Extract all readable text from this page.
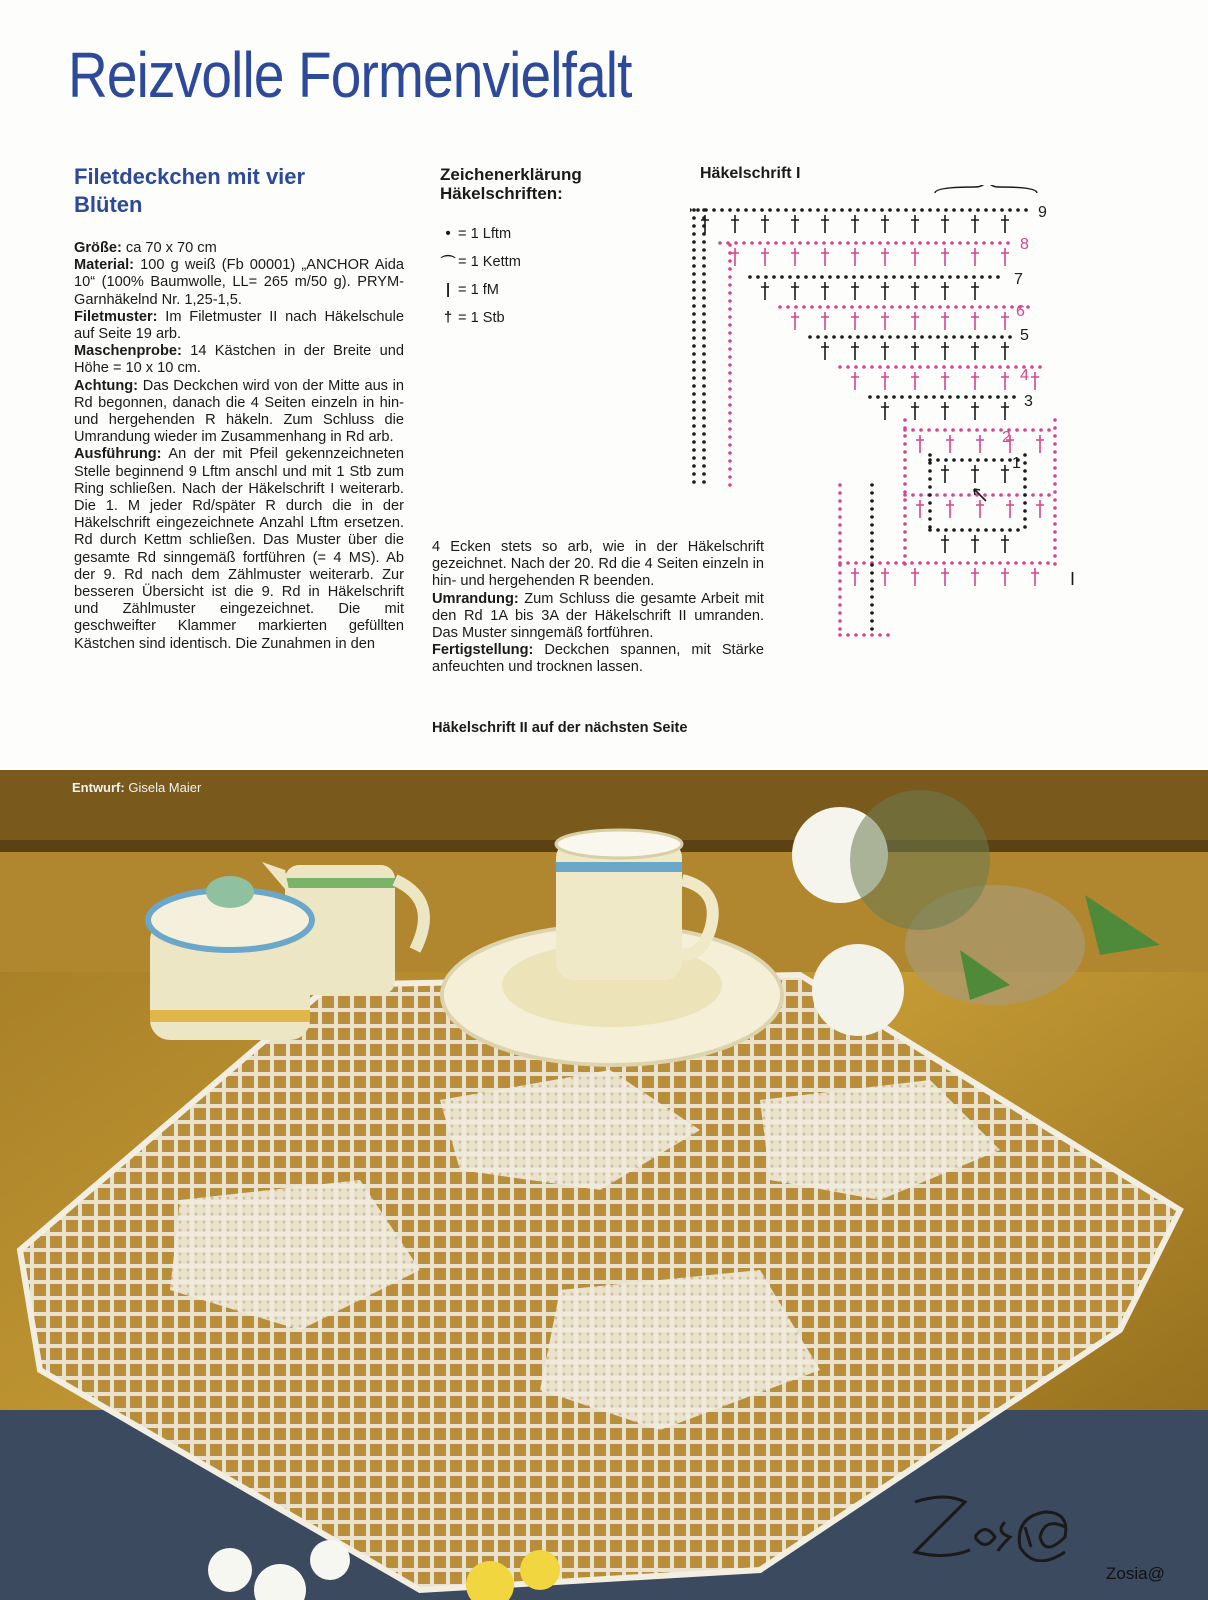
Reizvolle Formenvielfalt
Filetdeckchen mit vier Blüten

Größe: ca 70 x 70 cm

Material: 100 g weiß (Fb 00001) „ANCHOR Aida 10“ (100% Baumwolle, LL= 265 m/50 g). PRYM-Garnhäkelnd Nr. 1,25-1,5.

Filetmuster: Im Filetmuster II nach Häkelschule auf Seite 19 arb.

Maschenprobe: 14 Kästchen in der Breite und Höhe = 10 x 10 cm.

Achtung: Das Deckchen wird von der Mitte aus in Rd begonnen, danach die 4 Seiten einzeln in hin- und hergehenden R häkeln. Zum Schluss die Umrandung wieder im Zusammenhang in Rd arb.

Ausführung: An der mit Pfeil gekennzeichneten Stelle beginnend 9 Lftm anschl und mit 1 Stb zum Ring schließen. Nach der Häkelschrift I weiterarb. Die 1. M jeder Rd/später R durch die in der Häkelschrift eingezeichnete Anzahl Lftm ersetzen. Rd durch Kettm schließen. Das Muster über die gesamte Rd sinngemäß fortführen (= 4 MS). Ab der 9. Rd nach dem Zählmuster weiterarb. Zur besseren Übersicht ist die 9. Rd in Häkelschrift und Zählmuster eingezeichnet. Die mit geschweifter Klammer markierten gefüllten Kästchen sind identisch. Die Zunahmen in den

4 Ecken stets so arb, wie in der Häkelschrift gezeichnet. Nach der 20. Rd die 4 Seiten einzeln in hin- und hergehenden R beenden.

Umrandung: Zum Schluss die gesamte Arbeit mit den Rd 1A bis 3A der Häkelschrift II umranden. Das Muster sinngemäß fortführen.

Fertigstellung: Deckchen spannen, mit Stärke anfeuchten und trocknen lassen.

Häkelschrift II auf der nächsten Seite
Zeichenerklärung Häkelschriften:
• = 1 Lftm
⌒ = 1 Kettm
| = 1 fM
† = 1 Stb
Häkelschrift I
9
8
7
6
5
4
3
2
1
I
Entwurf: Gisela Maier
Zosia@
